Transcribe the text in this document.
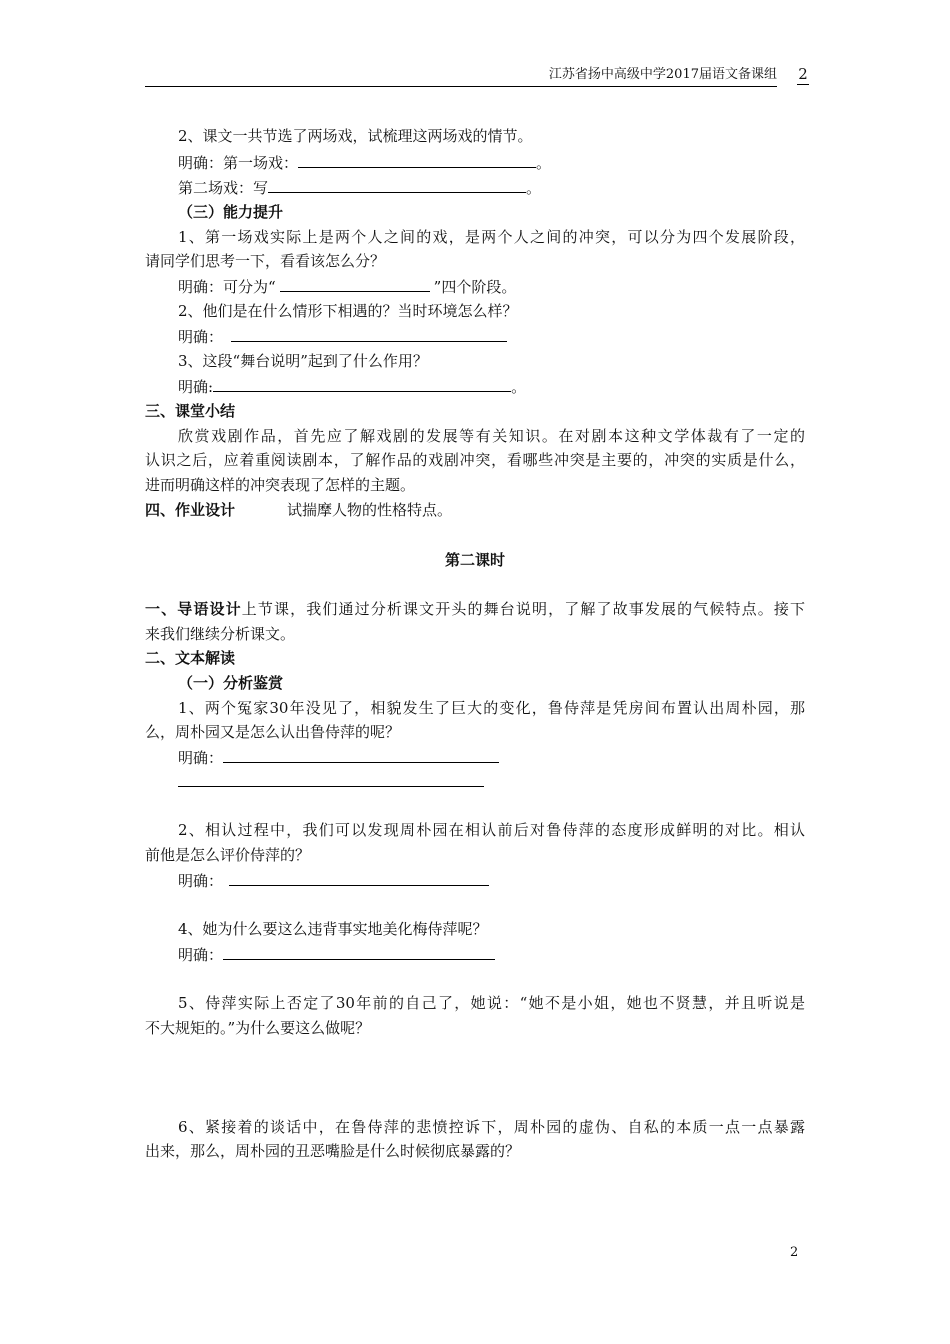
江苏省扬中高级中学2017届语文备课组 2
2、课文一共节选了两场戏，试梳理这两场戏的情节。
明确：第一场戏：	。
第二场戏：写	。
（三）能力提升
1、第一场戏实际上是两个人之间的戏，是两个人之间的冲突，可以分为四个发展阶段，
请同学们思考一下，看看该怎么分？
明确：可分为“	”四个阶段。
2、他们是在什么情形下相遇的？当时环境怎么样？
明确：
3、这段“舞台说明”起到了什么作用？
明确:	。
三、课堂小结
欣赏戏剧作品，首先应了解戏剧的发展等有关知识。在对剧本这种文学体裁有了一定的
认识之后，应着重阅读剧本，了解作品的戏剧冲突，看哪些冲突是主要的，冲突的实质是什么，
进而明确这样的冲突表现了怎样的主题。
四、作业设计	试揣摩人物的性格特点。
第二课时
一、导语设计上节课，我们通过分析课文开头的舞台说明，了解了故事发展的气候特点。接下
来我们继续分析课文。
二、文本解读
（一）分析鉴赏
1、两个冤家30年没见了，相貌发生了巨大的变化，鲁侍萍是凭房间布置认出周朴园，那
么，周朴园又是怎么认出鲁侍萍的呢？
明确：
2、相认过程中，我们可以发现周朴园在相认前后对鲁侍萍的态度形成鲜明的对比。相认
前他是怎么评价侍萍的？
明确：
4、她为什么要这么违背事实地美化梅侍萍呢？
明确：
5、侍萍实际上否定了30年前的自己了，她说：“她不是小姐，她也不贤慧，并且听说是
不大规矩的。”为什么要这么做呢？
6、紧接着的谈话中，在鲁侍萍的悲愤控诉下，周朴园的虚伪、自私的本质一点一点暴露
出来，那么，周朴园的丑恶嘴脸是什么时候彻底暴露的？
2
